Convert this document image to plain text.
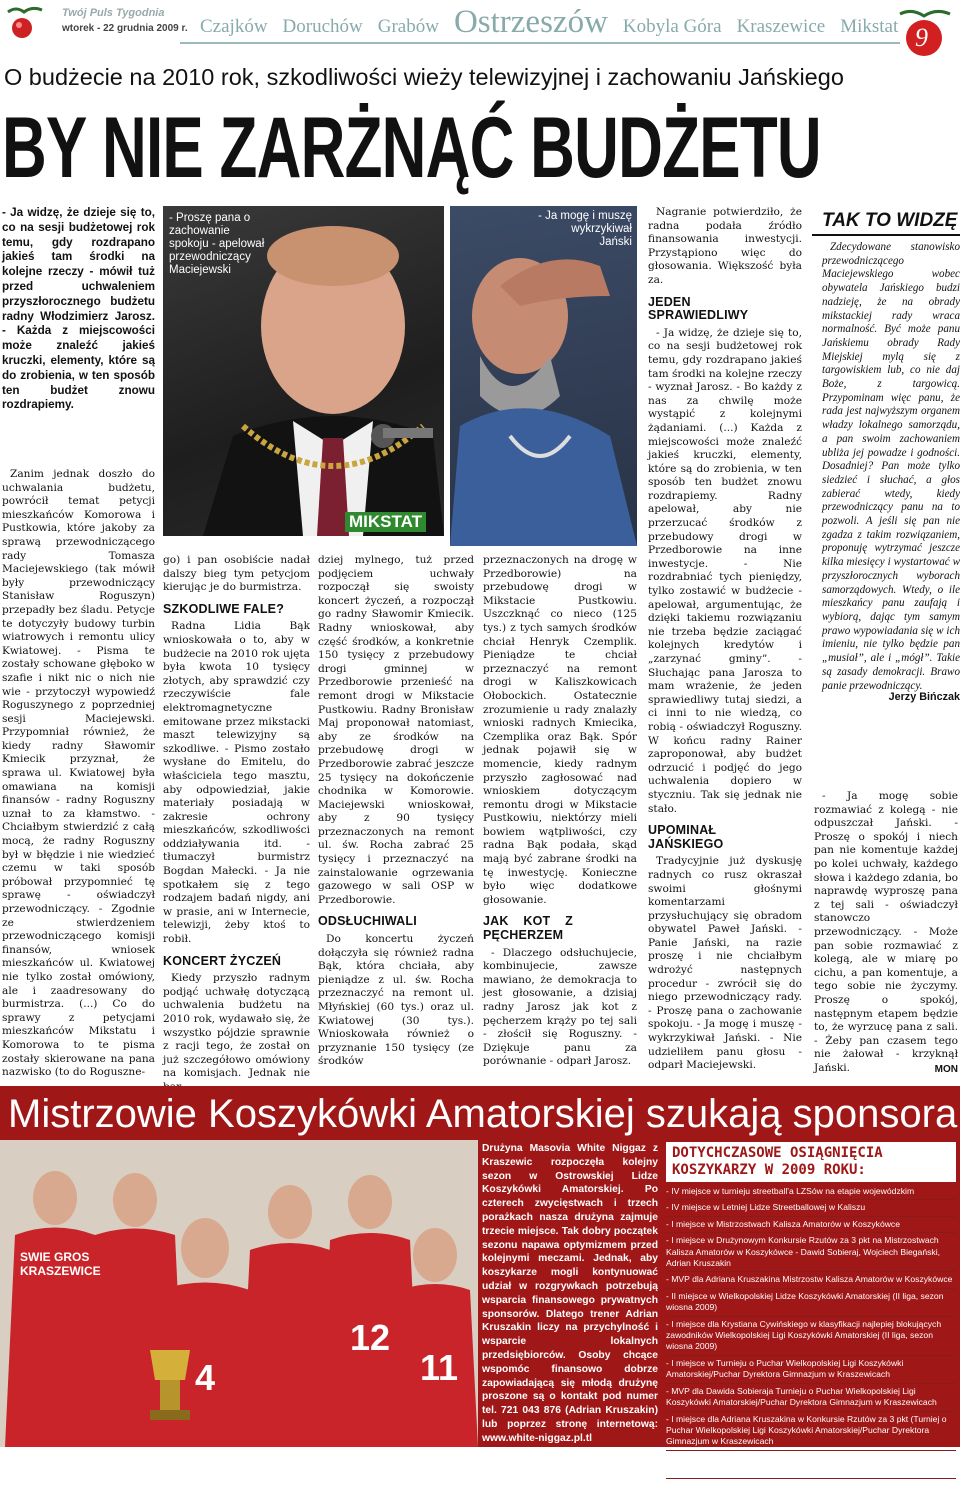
Twój Puls Tygodnia
wtorek - 22 grudnia 2009 r. Czajków Doruchów Grabów Ostrzeszów Kobyla Góra Kraszewice Mikstat 9
O budżecie na 2010 rok, szkodliwości wieży telewizyjnej i zachowaniu Jańskiego
BY NIE ZARŻNĄĆ BUDŻETU
- Ja widzę, że dzieje się to, co na sesji budżetowej rok temu, gdy rozdrapano jakieś tam środki na kolejne rzeczy - mówił tuż przed uchwaleniem przyszłorocznego budżetu radny Włodzimierz Jarosz. - Każda z miejscowości może znaleźć jakieś kruczki, elementy, które są do zrobienia, w ten sposób ten budżet znowu rozdrapiemy.
- Proszę pana o zachowanie spokoju - apelował przewodniczący Maciejewski
MIKSTAT
- Ja mogę i muszę wykrzykiwał Jański

Zanim jednak doszło do uchwalania budżetu, powrócił temat petycji mieszkańców Komorowa i Pustkowia, które jakoby za sprawą przewodniczącego rady Tomasza Maciejewskiego (tak mówił były przewodniczący Stanisław Roguszyn) przepadły bez śladu. Petycje te dotyczyły budowy turbin wiatrowych i remontu ulicy Kwiatowej. - Pisma te zostały schowane głęboko w szafie i nikt nic o nich nie wie - przytoczył wypowiedź Roguszynego z poprzedniej sesji Maciejewski. Przypomniał również, że kiedy radny Sławomir Kmiecik przyznał, że sprawa ul. Kwiatowej była omawiana na komisji finansów - radny Roguszny uznał to za kłamstwo. - Chciałbym stwierdzić z całą mocą, że radny Roguszny był w błędzie i nie wiedzieć czemu w taki sposób próbował przypomnieć tę sprawę - oświadczył przewodniczący. - Zgodnie ze stwierdzeniem przewodniczącego komisji finansów, wniosek mieszkańców ul. Kwiatowej nie tylko został omówiony, ale i zaadresowany do burmistrza. (...) Co do sprawy z petycjami mieszkańców Mikstatu i Komorowa to te pisma zostały skierowane na pana nazwisko (to do Roguszne-

go) i pan osobiście nadał dalszy bieg tym petycjom kierując je do burmistrza.

SZKODLIWE FALE?

Radna Lidia Bąk wnioskowała o to, aby w budżecie na 2010 rok ujęta była kwota 10 tysięcy złotych, aby sprawdzić czy rzeczywiście fale elektromagnetyczne emitowane przez mikstacki maszt telewizyjny są szkodliwe. - Pismo zostało wysłane do Emitelu, do właściciela tego masztu, aby odpowiedział, jakie materiały posiadają w zakresie ochrony mieszkańców, szkodliwości oddziaływania itd. - tłumaczył burmistrz Bogdan Małecki. - Ja nie spotkałem się z tego rodzajem badań nigdy, ani w prasie, ani w Internecie, telewizji, żeby ktoś to robił.

KONCERT ŻYCZEŃ

Kiedy przyszło radnym podjąć uchwałę dotyczącą uchwalenia budżetu na 2010 rok, wydawało się, że wszystko pójdzie sprawnie z racji tego, że został on już szczegółowo omówiony na komisjach. Jednak nie

dziej mylnego, tuż przed podjęciem uchwały rozpoczął się swoisty koncert życzeń, a rozpoczął go radny Sławomir Kmiecik. Radny wnioskował, aby część środków, a konkretnie 150 tysięcy z przebudowy drogi gminnej w Przedborowie przenieść na remont drogi w Mikstacie Pustkowiu. Radny Bronisław Maj proponował natomiast, aby ze środków na przebudowę drogi w Przedborowie zabrać jeszcze 25 tysięcy na dokończenie chodnika w Komorowie. Maciejewski wnioskował, aby z 90 tysięcy przeznaczonych na remont ul. św. Rocha zabrać 25 tysięcy i przeznaczyć na zainstalowanie ogrzewania gazowego w sali OSP w Przedborowie.

ODSŁUCHIWALI

Do koncertu życzeń dołączyła się również radna Bąk, która chciała, aby pieniądze z ul. św. Rocha przeznaczyć na remont ul. Młyńskiej (60 tys.) oraz ul. Kwiatowej (30 tys.). Wnioskowała również o przyznanie 150 tysięcy (ze środków

przeznaczonych na drogę w Przedborowie) na przebudowę drogi w Mikstacie Pustkowiu. Uszczknąć co nieco (125 tys.) z tych samych środków chciał Henryk Czemplik. Pieniądze te chciał przeznaczyć na remont drogi w Kaliszkowicach Ołobockich. Ostatecznie zrozumienie u rady znalazły wnioski radnych Kmiecika, Czemplika oraz Bąk. Spór jednak pojawił się w momencie, kiedy radnym przyszło zagłosować nad wnioskiem dotyczącym remontu drogi w Mikstacie Pustkowiu, niektórzy mieli bowiem wątpliwości, czy radna Bąk podała, skąd mają być zabrane środki na tę inwestycję. Konieczne było więc dodatkowe głosowanie.

JAK KOT Z PĘCHERZEM

- Dlaczego odsłuchujecie, kombinujecie, zawsze mawiano, że demokracja to jest głosowanie, a dzisiaj radny Jarosz jak kot z pęcherzem krąży po tej sali - złościł się Roguszny. - Dziękuje panu za porównanie - odparł Jarosz.

Nagranie potwierdziło, że radna podała źródło finansowania inwestycji. Przystąpiono więc do głosowania. Większość była za.

JEDEN SPRAWIEDLIWY

- Ja widzę, że dzieje się to, co na sesji budżetowej rok temu, gdy rozdrapano jakieś tam środki na kolejne rzeczy - wyznał Jarosz. - Bo każdy z nas za chwilę może wystąpić z kolejnymi żądaniami. (...) Każda z miejscowości może znaleźć jakieś kruczki, elementy, które są do zrobienia, w ten sposób ten budżet znowu rozdrapiemy. Radny apelował, aby nie przerzucać środków z przebudowy drogi w Przedborowie na inne inwestycje. - Nie rozdrabniać tych pieniędzy, tylko zostawić w budżecie - apelował, argumentując, że dzięki takiemu rozwiązaniu nie trzeba będzie zaciągać kolejnych kredytów i „zarzynać gminy”. - Słuchając pana Jarosza to mam wrażenie, że jeden sprawiedliwy tutaj siedzi, a ci inni to nie wiedzą, co robią - oświadczył Roguszny. W końcu radny Rainer zaproponował, aby budżet odrzucić i podjęć do jego uchwalenia dopiero w styczniu. Tak się jednak nie stało.

UPOMINAŁ JAŃSKIEGO

Tradycyjnie już dyskusję radnych co rusz okraszał swoimi głośnymi komentarzami przysłuchujący się obradom obywatel Paweł Jański. - Panie Jański, na razie proszę i nie chciałbym wdrożyć następnych procedur - zwrócił się do niego przewodniczący rady. - Proszę pana o zachowanie spokoju. - Ja mogę i muszę - wykrzykiwał Jański. - Nie udzieliłem panu głosu - odparł Maciejewski.

TAK TO WIDZĘ
Zdecydowane stanowisko przewodniczącego Maciejewskiego wobec obywatela Jańskiego budzi nadzieję, że na obrady mikstackiej rady wraca normalność. Być może panu Jańskiemu obrady Rady Miejskiej mylą się z targowiskiem lub, co nie daj Boże, z targowicą. Przypominam więc panu, że rada jest najwyższym organem władzy lokalnego samorządu, a pan swoim zachowaniem ubliża jej powadze i godności. Dosadniej? Pan może tylko siedzieć i słuchać, a głos zabierać wtedy, kiedy przewodniczący panu na to pozwoli. A jeśli się pan nie zgadza z takim rozwiązaniem, proponuję wytrzymać jeszcze kilka miesięcy i wystartować w przyszłorocznych wyborach samorządowych. Wtedy, o ile mieszkańcy panu zaufają i wybiorą, dając tym samym prawo wypowiadania się w ich imieniu, nie tylko będzie pan „musiał”, ale i „mógł”. Takie są zasady demokracji. Brawo panie przewodniczący.
Jerzy Bińczak

- Ja mogę sobie rozmawiać z kolegą - nie odpuszczał Jański. - Proszę o spokój i niech pan nie komentuje każdej po kolei uchwały, każdego słowa i każdego zdania, bo naprawdę wyproszę pana z tej sali - oświadczył stanowczo przewodniczący. - Może pan sobie rozmawiać z kolegą, ale w miarę po cichu, a pan komentuje, a tego sobie nie życzymy. Proszę o spokój, następnym etapem będzie to, że wyrzucę pana z sali. - Żeby pan czasem tego nie żałował - krzyknął Jański.	MON
Mistrzowie Koszykówki Amatorskiej szukają sponsora
12
11
4
SWIE GROS KRASZEWICE
Drużyna Masovia White Niggaz z Kraszewic rozpoczęła kolejny sezon w Ostrowskiej Lidze Koszykówki Amatorskiej. Po czterech zwycięstwach i trzech porażkach nasza drużyna zajmuje trzecie miejsce. Tak dobry początek sezonu napawa optymizmem przed kolejnymi meczami. Jednak, aby koszykarze mogli kontynuować udział w rozgrywkach potrzebują wsparcia finansowego prywatnych sponsorów. Dlatego trener Adrian Kruszakin liczy na przychylność i wsparcie lokalnych przedsiębiorców. Osoby chcące wspomóc finansowo dobrze zapowiadającą się młodą drużynę proszone są o kontakt pod numer tel. 721 043 876 (Adrian Kruszakin) lub poprzez stronę internetową: www.white-niggaz.pl.tl
DOTYCHCZASOWE OSIĄGNIĘCIA KOSZYKARZY W 2009 ROKU:
- IV miejsce w turnieju streetball'a LZSów na etapie wojewódzkim
- IV miejsce w Letniej Lidze Streetballowej w Kaliszu
- I miejsce w Mistrzostwach Kalisza Amatorów w Koszykówce
- I miejsce w Drużynowym Konkursie Rzutów za 3 pkt na Mistrzostwach Kalisza Amatorów w Koszykówce - Dawid Sobieraj, Wojciech Biegański, Adrian Kruszakin
- MVP dla Adriana Kruszakina Mistrzostw Kalisza Amatorów w Koszykówce
- II miejsce w Wielkopolskiej Lidze Koszykówki Amatorskiej (II liga, sezon wiosna 2009)
- I miejsce dla Krystiana Cywińskiego w klasyfikacji najlepiej blokujących zawodników Wielkopolskiej Ligi Koszykówki Amatorskiej (II liga, sezon wiosna 2009)
- I miejsce w Turnieju o Puchar Wielkopolskiej Ligi Koszykówki Amatorskiej/Puchar Dyrektora Gimnazjum w Kraszewicach
- MVP dla Dawida Sobieraja Turnieju o Puchar Wielkopolskiej Ligi Koszykówki Amatorskiej/Puchar Dyrektora Gimnazjum w Kraszewicach
- I miejsce dla Adriana Kruszakina w Konkursie Rzutów za 3 pkt (Turniej o Puchar Wielkopolskiej Ligi Koszykówki Amatorskiej/Puchar Dyrektora Gimnazjum w Kraszewicach
- Udział w półfinale Turnieju GramyFair w kategorii do 18 lat Summer Edition 2009
- Udział w półfinale Turnieju GramyFair w kategorii do 18 lat Winter Edition 2009
